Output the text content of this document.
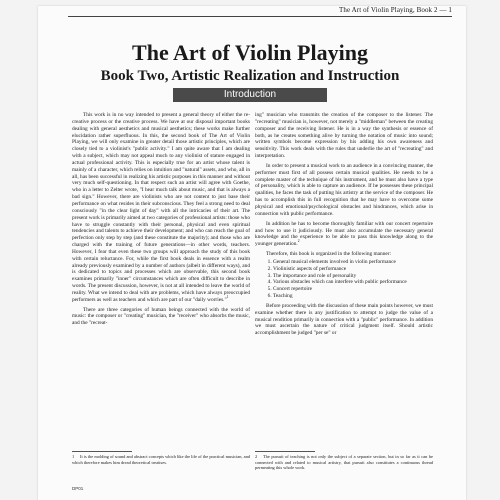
The Art of Violin Playing, Book 2 — 1
The Art of Violin Playing
Book Two, Artistic Realization and Instruction
Introduction

This work is in no way intended to present a general theory of either the re-creative process or the creative process. We have at our disposal important books dealing with general aesthetics and musical aesthetics; these works make further elucidation rather superfluous. In this, the second book of The Art of Violin Playing, we will only examine in greater detail those artistic principles, which are closely tied to a violinist's "public activity." I am quite aware that I am dealing with a subject, which may not appeal much to any violinist of stature engaged in actual professional activity. This is especially true for an artist whose talent is mainly of a character, which relies on intuition and "natural" assets, and who, all in all, has been successful in realizing his artistic purposes in this manner and without very much self-questioning. In that respect such an artist will agree with Goethe, who in a letter to Zelter wrote, "I hear much talk about music, and that is always a bad sign." However, there are violinists who are not content to just base their performance on what resides in their subconscious. They feel a strong need to deal consciously "in the clear light of day" with all the intricacies of their art. The present work is primarily aimed at two categories of professional artists: those who have to struggle constantly with their personal, physical and even spiritual tendencies and talents to achieve their development; and who can reach the goal of perfection only step by step (and these constitute the majority); and those who are charged with the training of future generations—in other words, teachers. However, I fear that even these two groups will approach the study of this book with certain reluctance. For, while the first book deals in essence with a realm already previously examined by a number of authors (albeit in different ways), and is dedicated to topics and processes which are observable, this second book examines primarily "inner" circumstances which are often difficult to describe in words. The present discussion, however, is not at all intended to leave the world of reality. What we intend to deal with are problems, which have always preoccupied performers as well as teachers and which are part of our "daily worries."$^1$

There are three categories of human beings connected with the world of music: the composer or "creating" musician, the "receiver" who absorbs the music, and the "recreat-

ing" musician who transmits the creation of the composer to the listener. The "recreating" musician is, however, not merely a "middleman" between the creating composer and the receiving listener. He is in a way the synthesis or essence of both, as he creates something alive by turning the notation of music into sound; written symbols become expression by his adding his own awareness and sensitivity. This work deals with the rules that underlie the art of "recreating" and interpretation.

In order to present a musical work to an audience in a convincing manner, the performer must first of all possess certain musical qualities. He needs to be a complete master of the technique of his instrument, and he must also have a type of personality, which is able to capture an audience. If he possesses these principal qualities, he faces the task of putting his artistry at the service of the composer. He has to accomplish this in full recognition that he may have to overcome some physical and emotional/psychological obstacles and hindrances, which arise in connection with public performance.

In addition he has to become thoroughly familiar with our concert repertoire and how to use it judiciously. He must also accumulate the necessary general knowledge and the experience to be able to pass this knowledge along to the younger generation.$^2$

Therefore, this book is organized in the following manner:

1. General musical elements involved in violin performance
2. Violinistic aspects of performance
3. The importance and role of personality
4. Various obstacles which can interfere with public performance
5. Concert repertoire
6. Teaching

Before proceeding with the discussion of these main points however, we must examine whether there is any justification to attempt to judge the value of a musical rendition primarily in connection with a "public" performance. In addition we must ascertain the nature of critical judgment itself. Should artistic accomplishment be judged "per se" or

1 It is the molding of sound and abstract concepts which like the life of the practical musician, and which therefore makes him dread theoretical treatises.
2 The pursuit of teaching is not only the subject of a separate section, but in so far as it can be connected with and related to musical artistry, that pursuit also constitutes a continuous thread permeating this whole work.
DP01
